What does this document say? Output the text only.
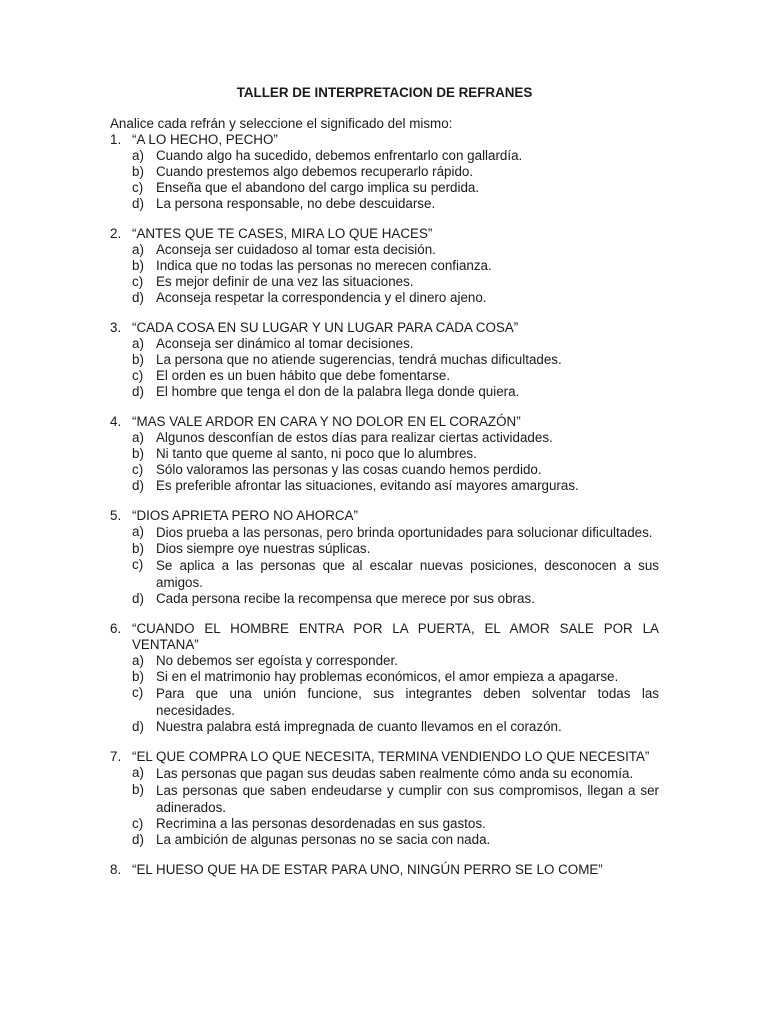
TALLER DE INTERPRETACION DE REFRANES
Analice cada refrán y seleccione el significado del mismo:
1. “A LO HECHO, PECHO”
a) Cuando algo ha sucedido, debemos enfrentarlo con gallardía.
b) Cuando prestemos algo debemos recuperarlo rápido.
c) Enseña que el abandono del cargo implica su perdida.
d) La persona responsable, no debe descuidarse.
2. “ANTES QUE TE CASES, MIRA LO QUE HACES”
a) Aconseja ser cuidadoso al tomar esta decisión.
b) Indica que no todas las personas no merecen confianza.
c) Es mejor definir de una vez las situaciones.
d) Aconseja respetar la correspondencia y el dinero ajeno.
3. “CADA COSA EN SU LUGAR Y UN LUGAR PARA CADA COSA”
a) Aconseja ser dinámico al tomar decisiones.
b) La persona que no atiende sugerencias, tendrá muchas dificultades.
c) El orden es un buen hábito que debe fomentarse.
d) El hombre que tenga el don de la palabra llega donde quiera.
4. “MAS VALE ARDOR EN CARA Y NO DOLOR EN EL CORAZÓN”
a) Algunos desconfían de estos días para realizar ciertas actividades.
b) Ni tanto que queme al santo, ni poco que lo alumbres.
c) Sólo valoramos las personas y las cosas cuando hemos perdido.
d) Es preferible afrontar las situaciones, evitando así mayores amarguras.
5. “DIOS APRIETA PERO NO AHORCA”
a) Dios prueba a las personas, pero brinda oportunidades para solucionar dificultades.
b) Dios siempre oye nuestras súplicas.
c) Se aplica a las personas que al escalar nuevas posiciones, desconocen a sus amigos.
d) Cada persona recibe la recompensa que merece por sus obras.
6. “CUANDO EL HOMBRE ENTRA POR LA PUERTA, EL AMOR SALE POR LA VENTANA”
a) No debemos ser egoísta y corresponder.
b) Si en el matrimonio hay problemas económicos, el amor empieza a apagarse.
c) Para que una unión funcione, sus integrantes deben solventar todas las necesidades.
d) Nuestra palabra está impregnada de cuanto llevamos en el corazón.
7. “EL QUE COMPRA LO QUE NECESITA, TERMINA VENDIENDO LO QUE NECESITA”
a) Las personas que pagan sus deudas saben realmente cómo anda su economía.
b) Las personas que saben endeudarse y cumplir con sus compromisos, llegan a ser adinerados.
c) Recrimina a las personas desordenadas en sus gastos.
d) La ambición de algunas personas no se sacia con nada.
8. “EL HUESO QUE HA DE ESTAR PARA UNO, NINGÚN PERRO SE LO COME”
